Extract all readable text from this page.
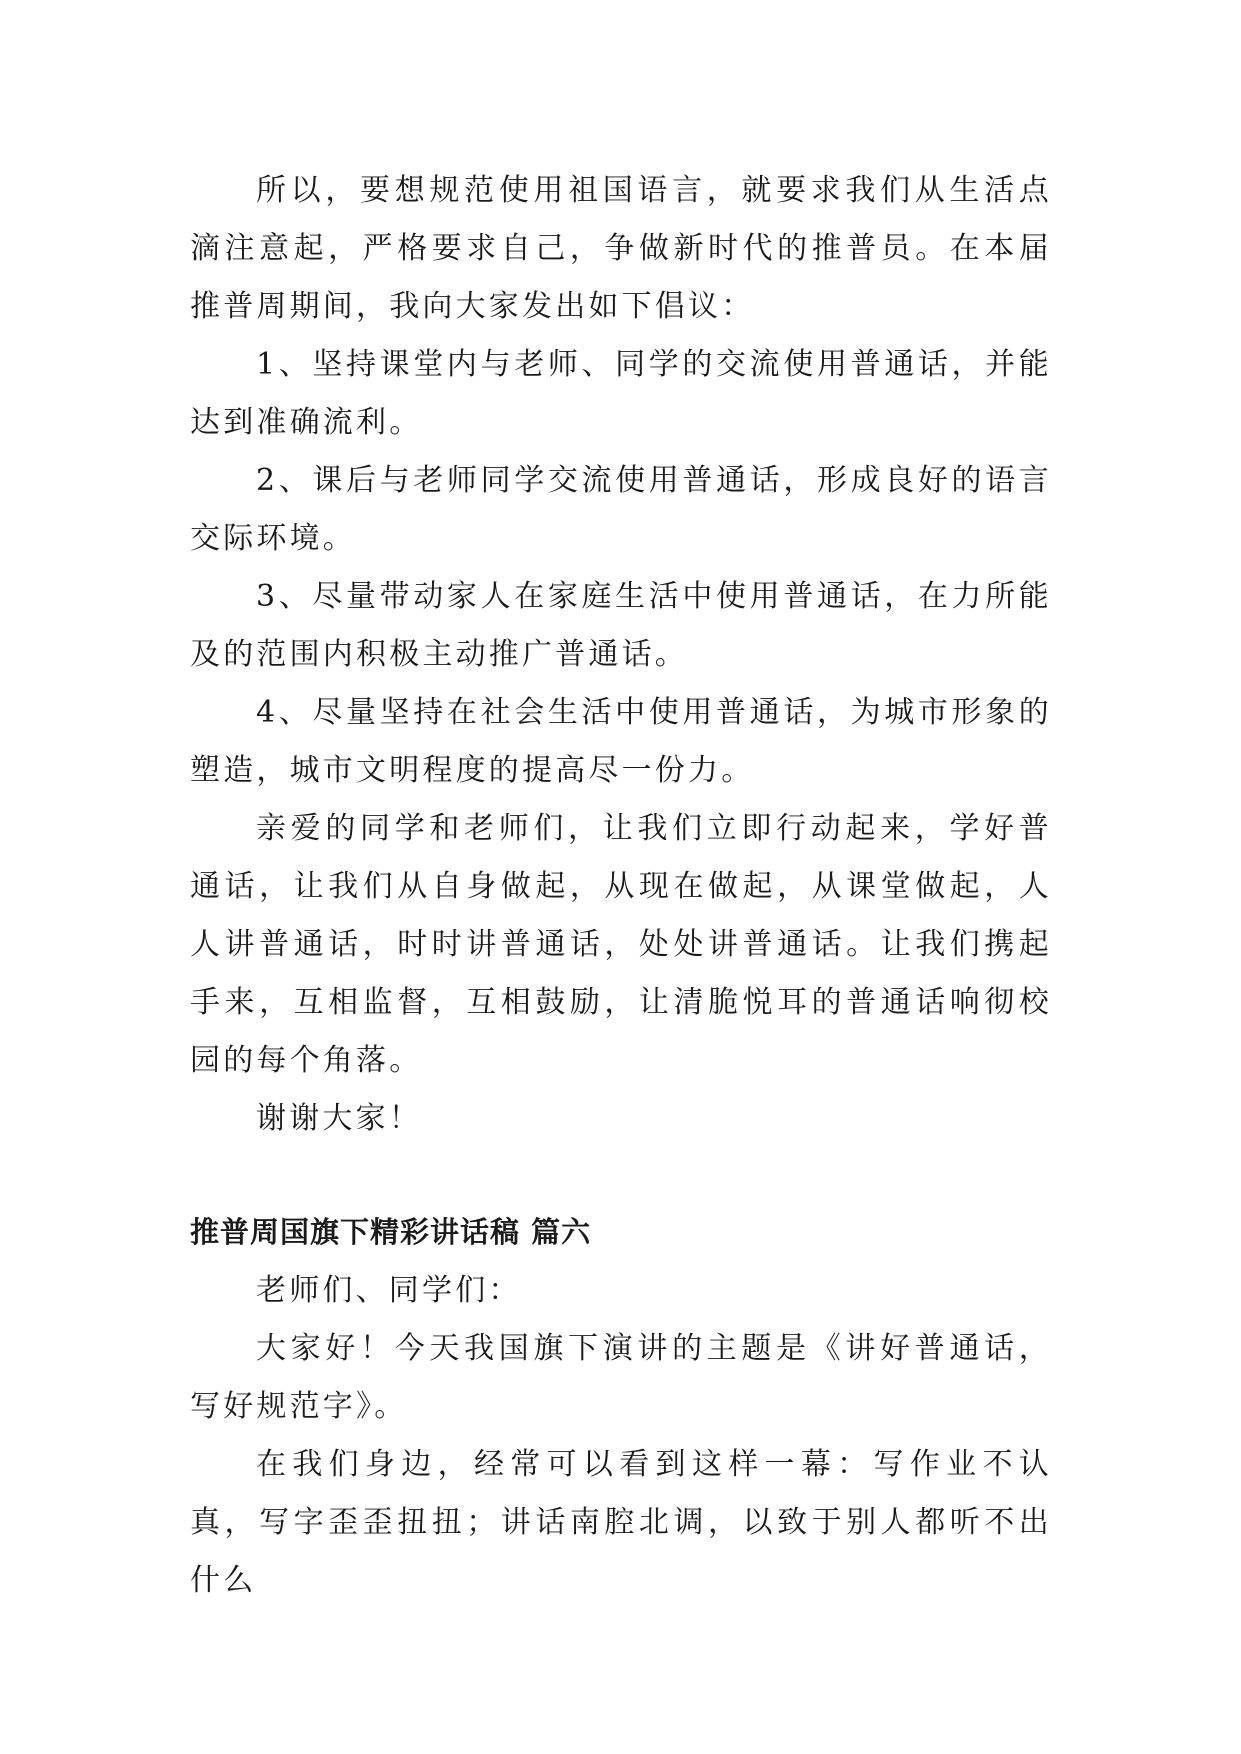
所以，要想规范使用祖国语言，就要求我们从生活点滴注意起，严格要求自己，争做新时代的推普员。在本届推普周期间，我向大家发出如下倡议：

1、坚持课堂内与老师、同学的交流使用普通话，并能达到准确流利。

2、课后与老师同学交流使用普通话，形成良好的语言交际环境。

3、尽量带动家人在家庭生活中使用普通话，在力所能及的范围内积极主动推广普通话。

4、尽量坚持在社会生活中使用普通话，为城市形象的塑造，城市文明程度的提高尽一份力。

亲爱的同学和老师们，让我们立即行动起来，学好普通话，让我们从自身做起，从现在做起，从课堂做起，人人讲普通话，时时讲普通话，处处讲普通话。让我们携起手来，互相监督，互相鼓励，让清脆悦耳的普通话响彻校园的每个角落。

谢谢大家！

推普周国旗下精彩讲话稿 篇六

老师们、同学们：

大家好！今天我国旗下演讲的主题是《讲好普通话，写好规范字》。

在我们身边，经常可以看到这样一幕：写作业不认真，写字歪歪扭扭；讲话南腔北调，以致于别人都听不出什么
